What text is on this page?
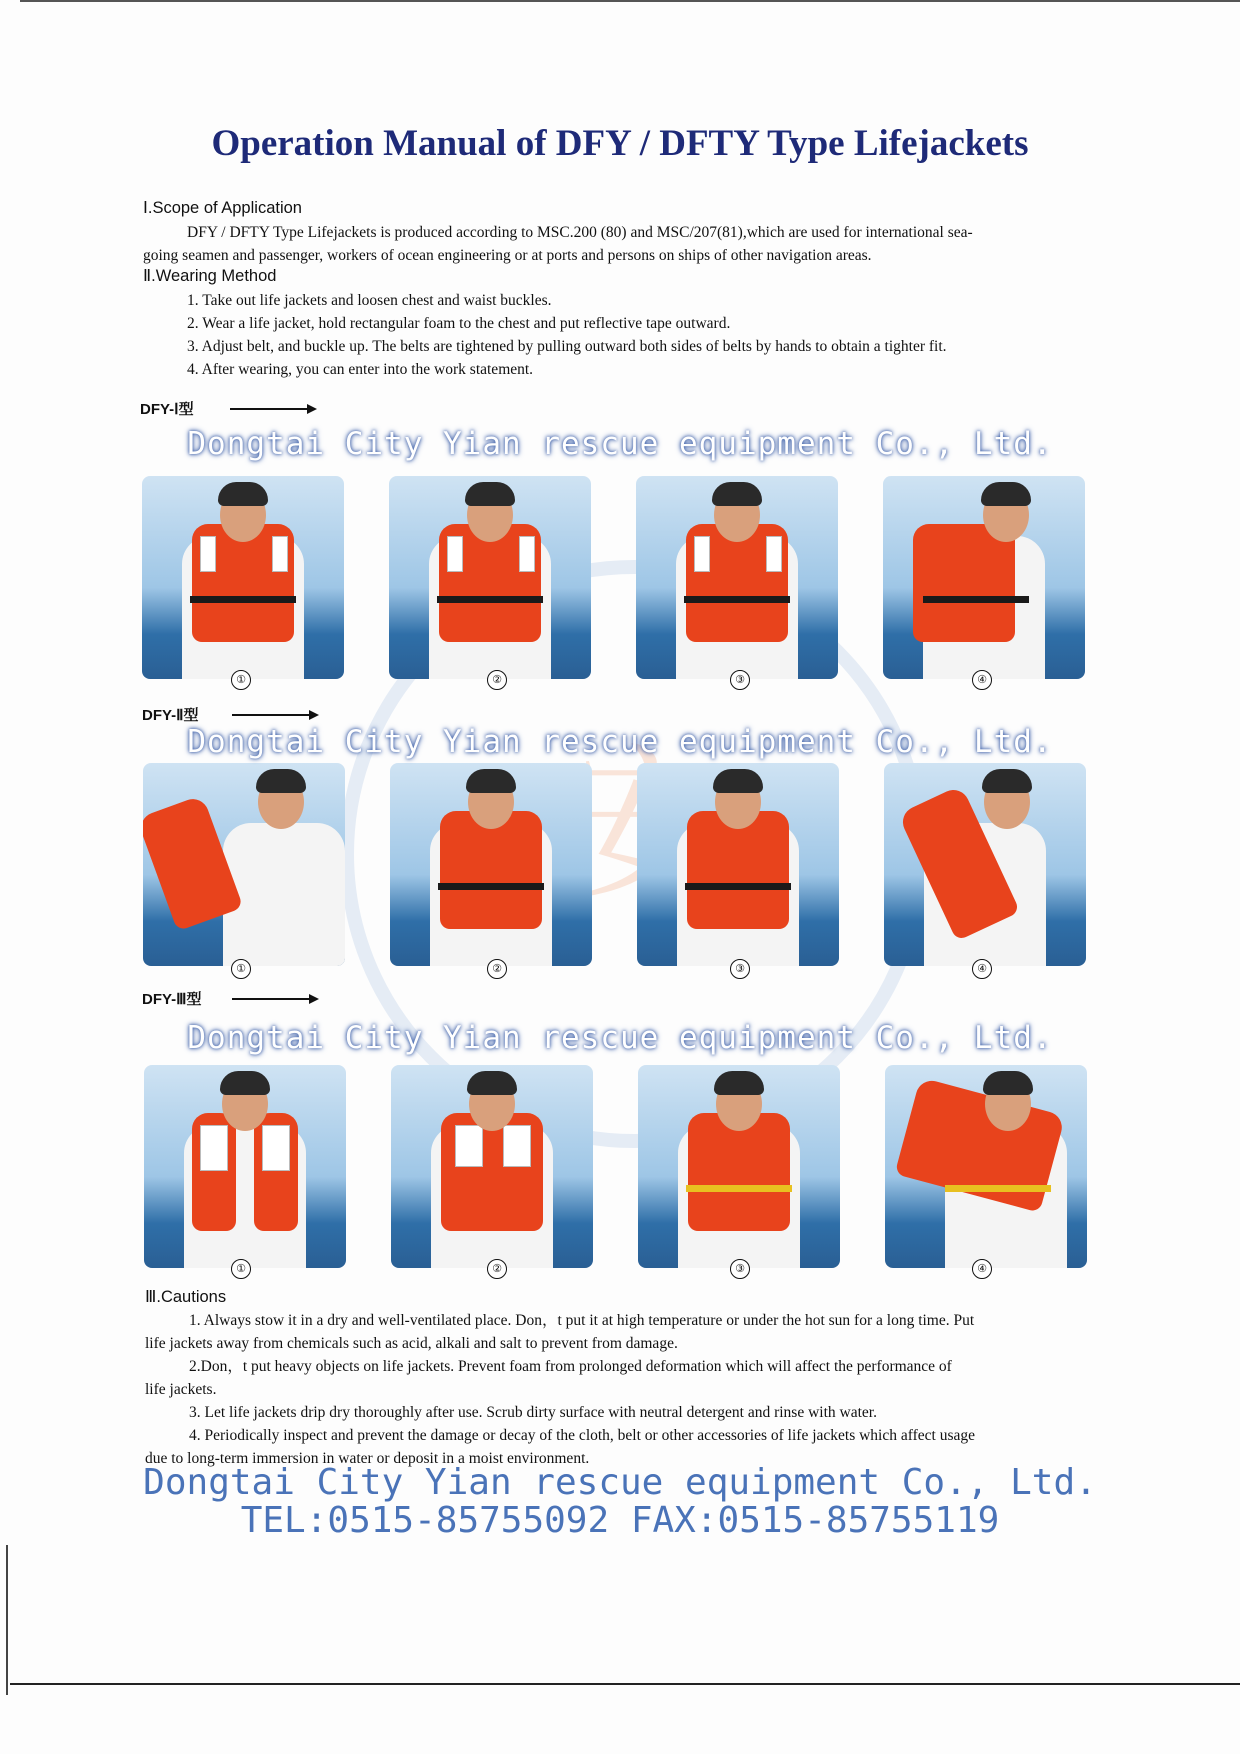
Operation Manual of DFY / DFTY Type Lifejackets
Ⅰ.Scope of Application
DFY / DFTY Type Lifejackets is produced according to MSC.200 (80) and MSC/207(81),which are used for international sea-
going seamen and passenger, workers of ocean engineering or at ports and persons on ships of other navigation areas.
Ⅱ.Wearing Method
1. Take out life jackets and loosen chest and waist buckles.
2. Wear a life jacket, hold rectangular foam to the chest and put reflective tape outward.
3. Adjust belt, and buckle up. The belts are tightened by pulling outward both sides of belts by hands to obtain a tighter fit.
4. After wearing, you can enter into the work statement.
DFY-Ⅰ型
①	②	③	④
Dongtai City Yian rescue equipment Co., Ltd.
DFY-Ⅱ型
①	②	③	④
Dongtai City Yian rescue equipment Co., Ltd.
DFY-Ⅲ型
①	②	③	④
Dongtai City Yian rescue equipment Co., Ltd.
Ⅲ.Cautions
1. Always stow it in a dry and well-ventilated place. Don，t put it at high temperature or under the hot sun for a long time. Put
life jackets away from chemicals such as acid, alkali and salt to prevent from damage.
2.Don，t put heavy objects on life jackets. Prevent foam from prolonged deformation which will affect the performance of
life jackets.
3. Let life jackets drip dry thoroughly after use. Scrub dirty surface with neutral detergent and rinse with water.
4. Periodically inspect and prevent the damage or decay of the cloth, belt or other accessories of life jackets which affect usage
due to long-term immersion in water or deposit in a moist environment.
Dongtai City Yian rescue equipment Co., Ltd.
TEL:0515-85755092 FAX:0515-85755119
